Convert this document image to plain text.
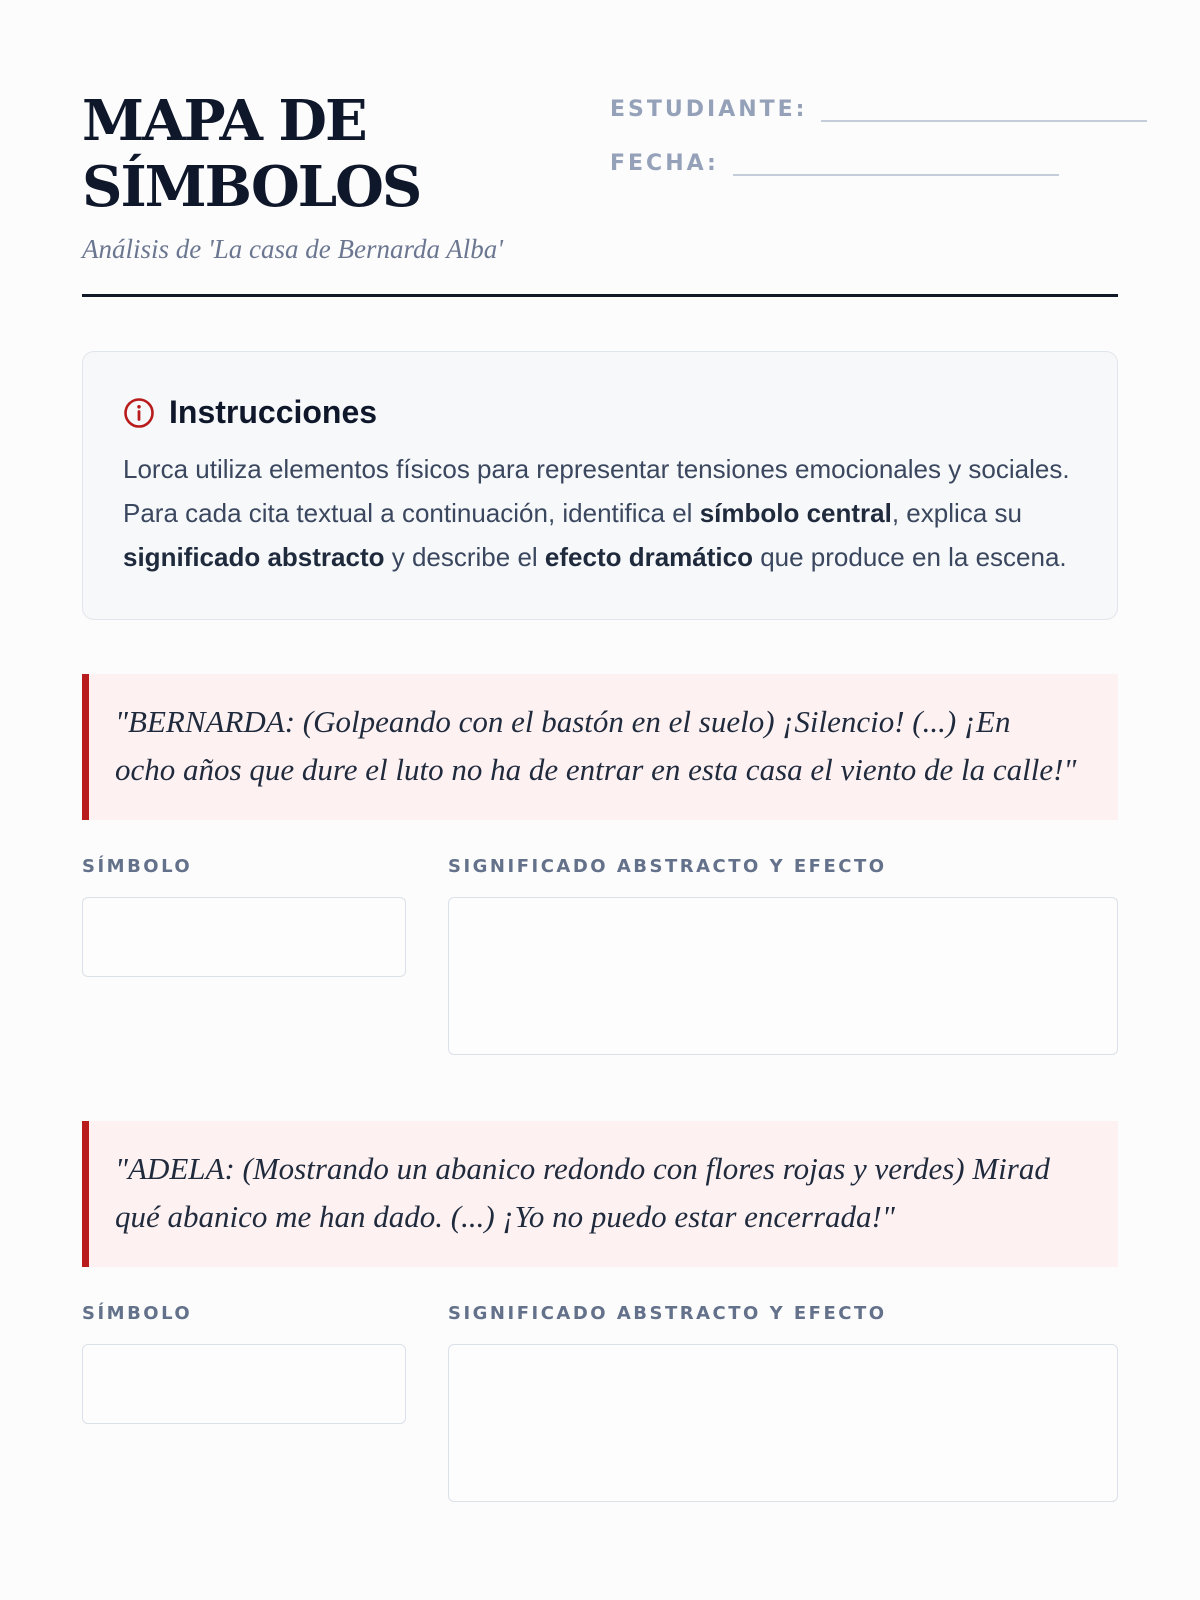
MAPA DE
SÍMBOLOS
Análisis de 'La casa de Bernarda Alba'
ESTUDIANTE:
FECHA:
Instrucciones
Lorca utiliza elementos físicos para representar tensiones emocionales y sociales. Para cada cita textual a continuación, identifica el símbolo central, explica su significado abstracto y describe el efecto dramático que produce en la escena.
"BERNARDA: (Golpeando con el bastón en el suelo) ¡Silencio! (...) ¡En ocho años que dure el luto no ha de entrar en esta casa el viento de la calle!"
SÍMBOLO	SIGNIFICADO ABSTRACTO Y EFECTO
"ADELA: (Mostrando un abanico redondo con flores rojas y verdes) Mirad qué abanico me han dado. (...) ¡Yo no puedo estar encerrada!"
SÍMBOLO	SIGNIFICADO ABSTRACTO Y EFECTO
